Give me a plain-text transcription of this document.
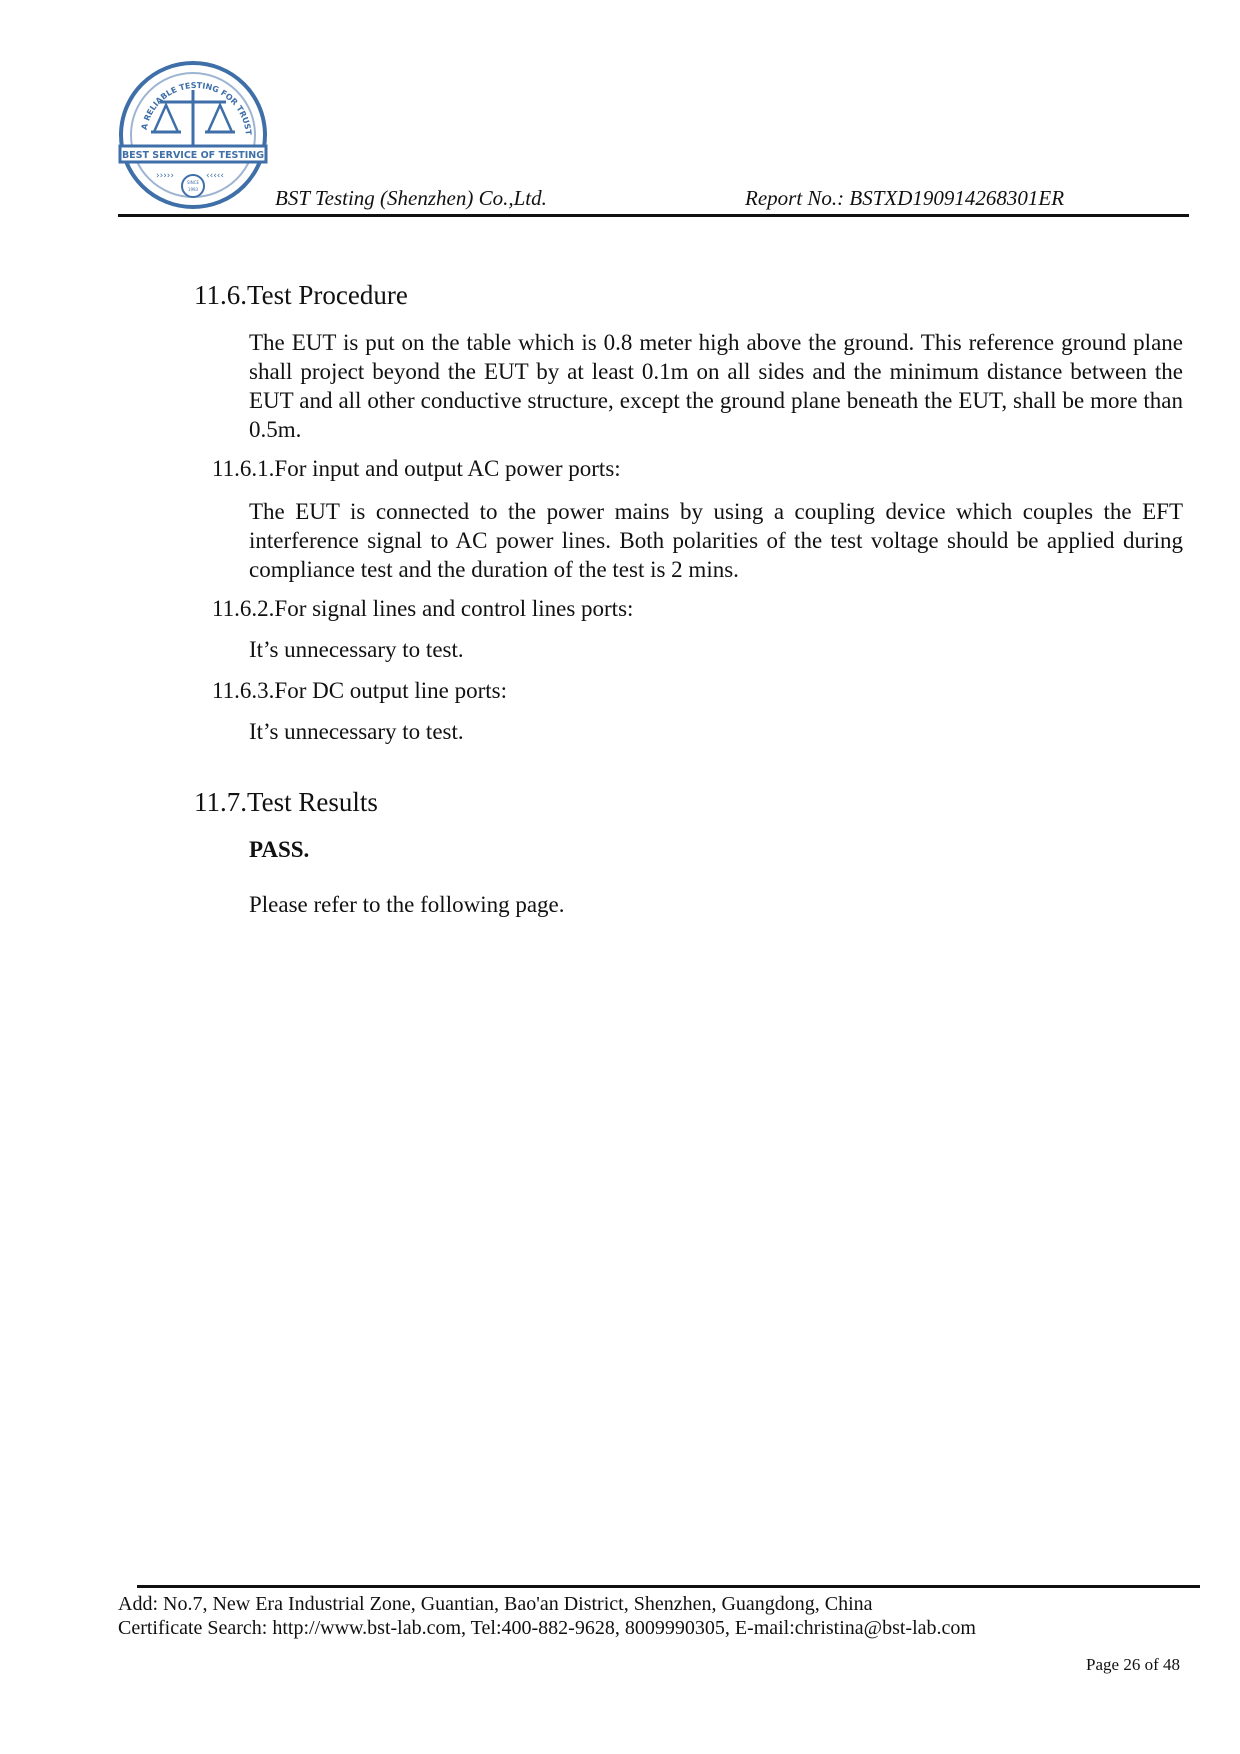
A RELIABLE TESTING FOR TRUST
BEST SERVICE OF TESTING
›››››	‹‹‹‹‹
SINCE
1993	BST Testing (Shenzhen) Co.,Ltd.	Report No.: BSTXD190914268301ER
11.6.Test Procedure
The EUT is put on the table which is 0.8 meter high above the ground. This reference ground plane shall project beyond the EUT by at least 0.1m on all sides and the minimum distance between the EUT and all other conductive structure, except the ground plane beneath the EUT, shall be more than 0.5m.
11.6.1.For input and output AC power ports:
The EUT is connected to the power mains by using a coupling device which couples the EFT interference signal to AC power lines. Both polarities of the test voltage should be applied during compliance test and the duration of the test is 2 mins.
11.6.2.For signal lines and control lines ports:
It’s unnecessary to test.
11.6.3.For DC output line ports:
It’s unnecessary to test.
11.7.Test Results
PASS.
Please refer to the following page.
Add: No.7, New Era Industrial Zone, Guantian, Bao'an District, Shenzhen, Guangdong, China
Certificate Search: http://www.bst-lab.com, Tel:400-882-9628, 8009990305, E-mail:christina@bst-lab.com
Page 26 of 48
